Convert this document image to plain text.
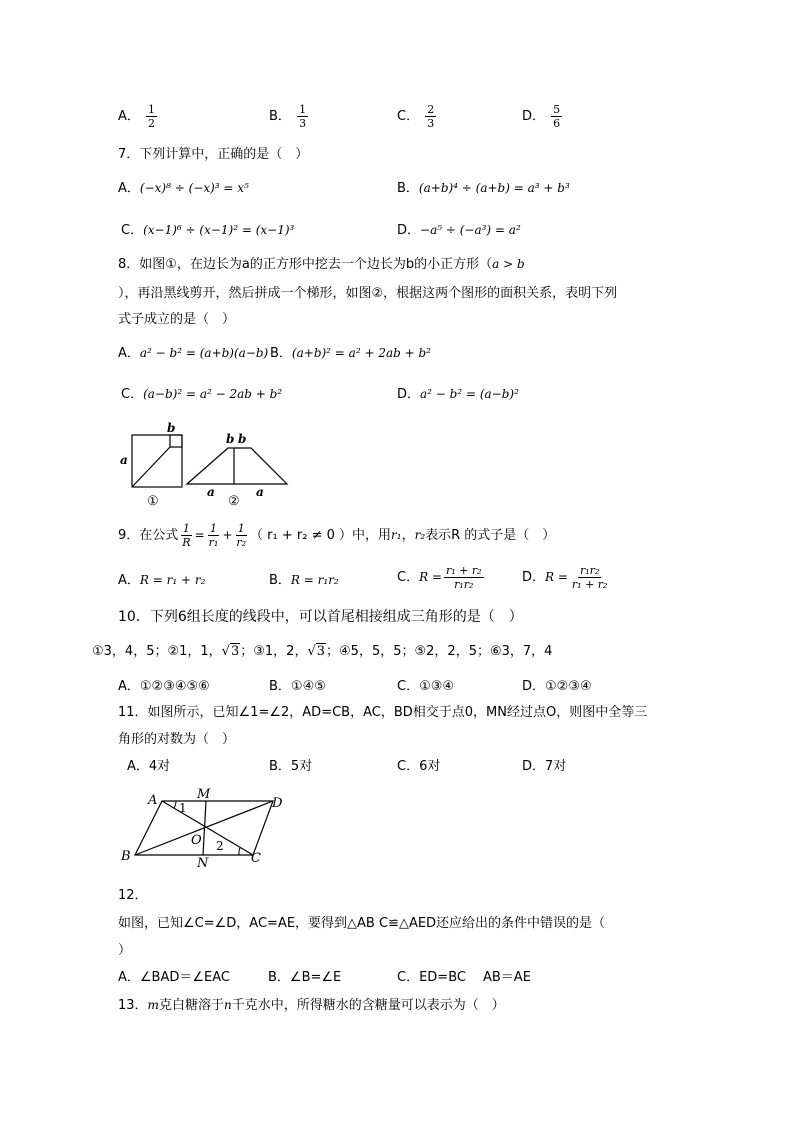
A． $\frac{1}{2}$	B． $\frac{1}{3}$	C． $\frac{2}{3}$	D． $\frac{5}{6}$
7．下列计算中，正确的是（　）
A．(−x)⁸ ÷ (−x)³ = x⁵	B．(a+b)⁴ ÷ (a+b) = a³ + b³
C．(x−1)⁶ ÷ (x−1)² = (x−1)³	D．−a⁵ ÷ (−a³) = a²
8．如图①，在边长为a的正方形中挖去一个边长为b的小正方形（a > b
），再沿黑线剪开，然后拼成一个梯形，如图②，根据这两个图形的面积关系，表明下列
式子成立的是（　）
A．a² − b² = (a+b)(a−b) B．(a+b)² = a² + 2ab + b²
C．(a−b)² = a² − 2ab + b²	D．a² − b² = (a−b)²
b
a
①
b b
a	a
②
9．在公式 $\frac{1}{R} = \frac{1}{\text{r₁}} + \frac{1}{\text{r₂}}$ （ r₁ + r₂ ≠ 0 ）中，用r₁，r₂表示R 的式子是（　）
A．R = r₁ + r₂	B．R = r₁r₂	C．$R = \frac{\text{r₁ + r₂}}{\text{r₁r₂}}$	D．$R = \frac{\text{r₁r₂}}{\text{r₁ + r₂}}$
10．下列6组长度的线段中，可以首尾相接组成三角形的是（　）
①3，4，5；②1，1，√3；③1，2，√3；④5，5，5；⑤2，2，5；⑥3，7，4
A．①②③④⑤⑥	B．①④⑤	C．①③④	D．①②③④
11．如图所示，已知∠1=∠2，AD=CB，AC，BD相交于点0，MN经过点O，则图中全等三
角形的对数为（　）
A．4对	B．5对	C．6对	D．7对
A	M
D
B	N	C
O
1
2
12．
如图，已知∠C=∠D，AC=AE，要得到△AB C≌△AED还应给出的条件中错误的是（
）
A．∠BAD＝∠EAC	B．∠B=∠E	C．ED=BC AB＝AE
13．m克白糖溶于n千克水中，所得糖水的含糖量可以表示为（　）
